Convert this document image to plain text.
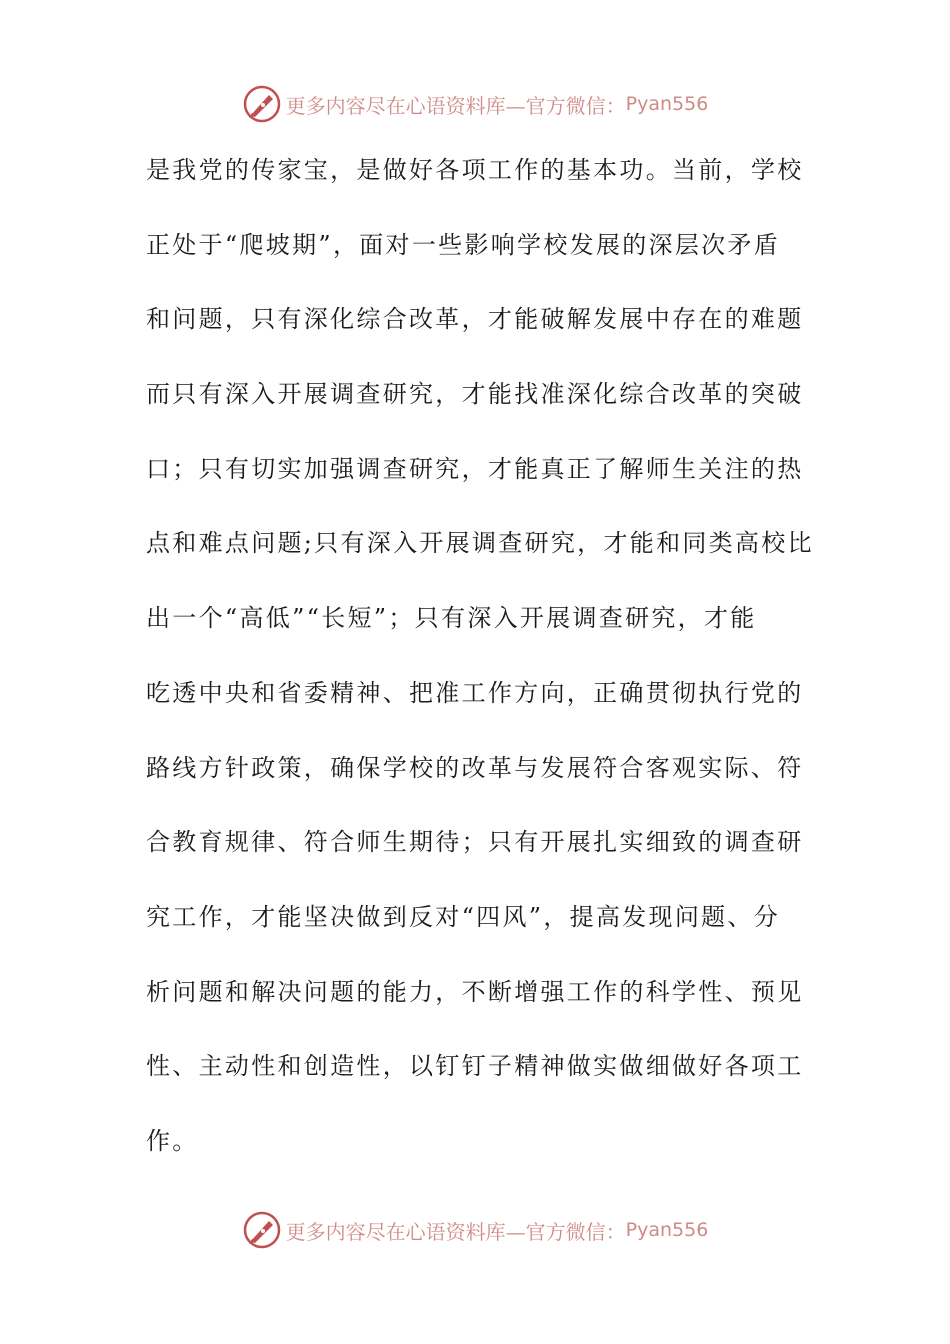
更多内容尽在心语资料库—官方微信： Pyan556
是我党的传家宝，是做好各项工作的基本功。当前，学校
正处于“爬坡期”，面对一些影响学校发展的深层次矛盾
和问题，只有深化综合改革，才能破解发展中存在的难题
而只有深入开展调查研究，才能找准深化综合改革的突破
口；只有切实加强调查研究，才能真正了解师生关注的热
点和难点问题;只有深入开展调查研究，才能和同类高校比
出一个“高低”“长短”；只有深入开展调查研究，才能
吃透中央和省委精神、把准工作方向，正确贯彻执行党的
路线方针政策，确保学校的改革与发展符合客观实际、符
合教育规律、符合师生期待；只有开展扎实细致的调查研
究工作，才能坚决做到反对“四风”，提高发现问题、分
析问题和解决问题的能力，不断增强工作的科学性、预见
性、主动性和创造性，以钉钉子精神做实做细做好各项工
作。
更多内容尽在心语资料库—官方微信： Pyan556
